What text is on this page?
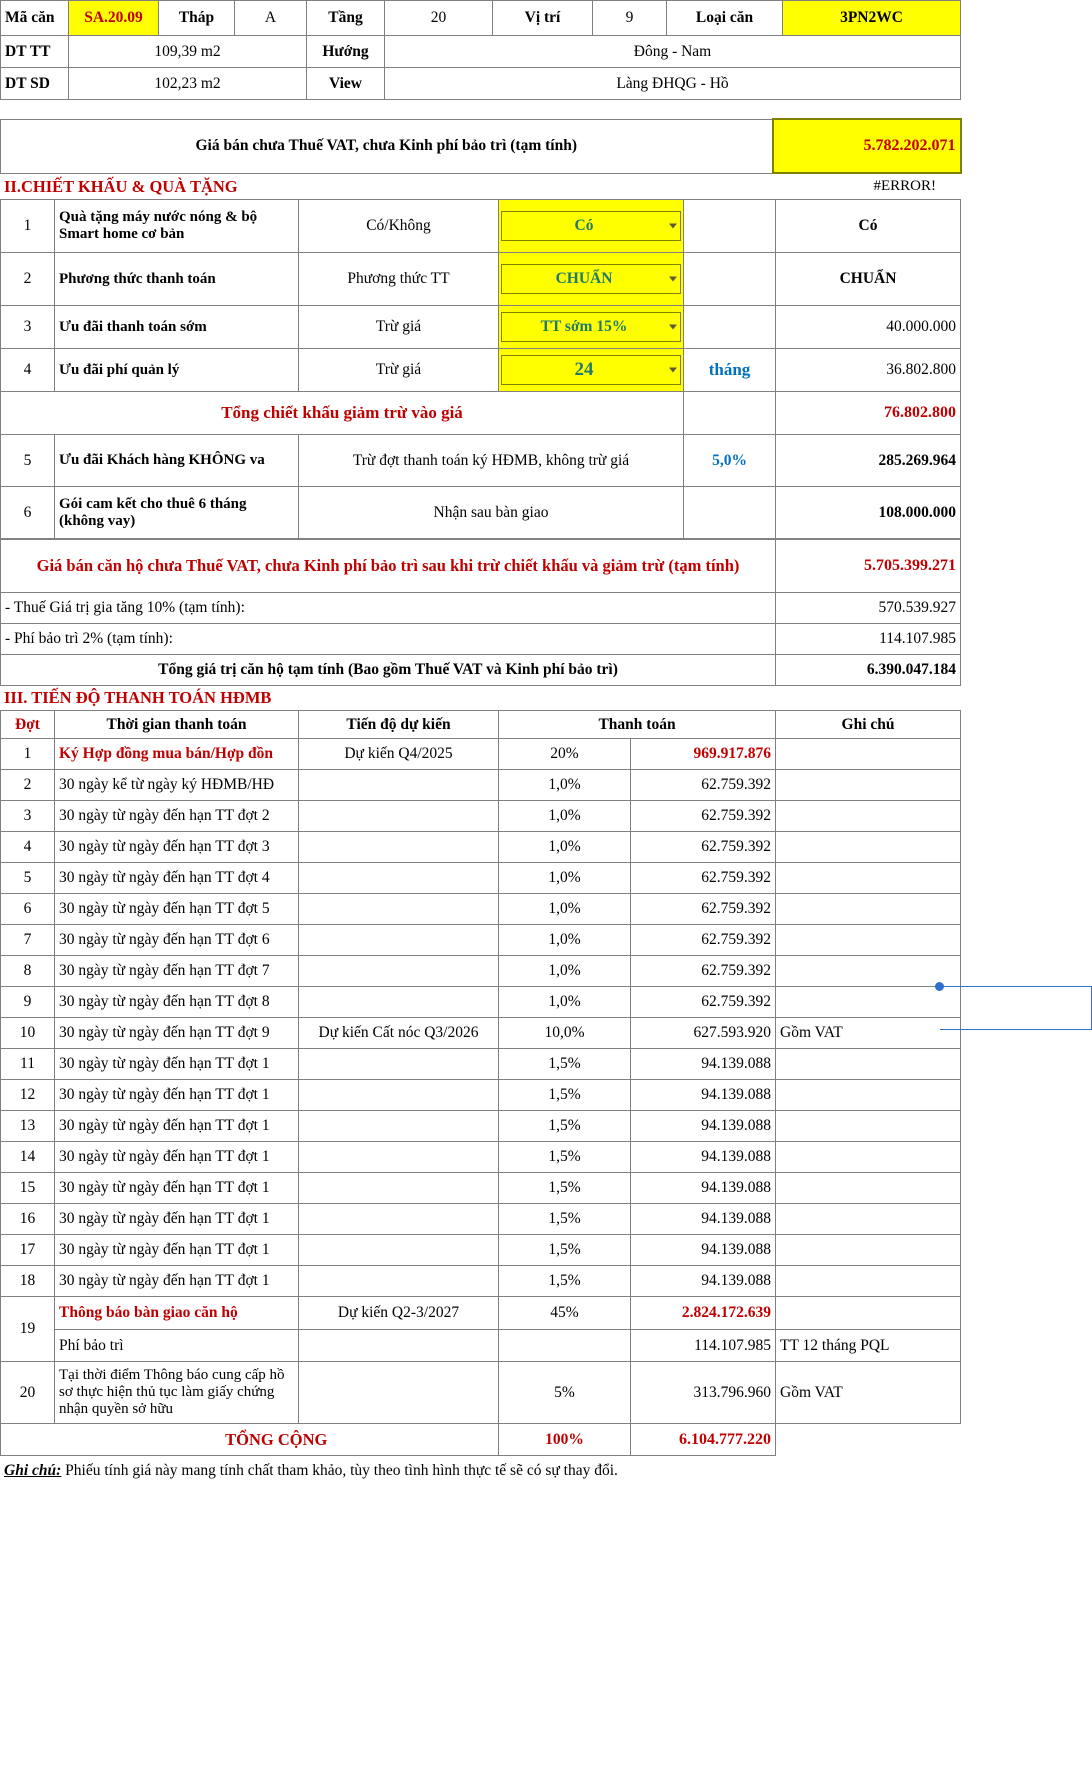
Mã căn	SA.20.09	Tháp	A	Tầng	20	Vị trí	9	Loại căn	3PN2WC
DT TT	109,39 m2			Hướng	Đông - Nam				
DT SD	102,23 m2			View	Làng ĐHQG - Hồ				
Giá bán chưa Thuế VAT, chưa Kinh phí bảo trì (tạm tính)	5.782.202.071
II.CHIẾT KHẤU & QUÀ TẶNG	#ERROR!
1	Quà tặng máy nước nóng & bộ Smart home cơ bản	Có/Không	Có		Có
2	Phương thức thanh toán	Phương thức TT	CHUẨN		CHUẨN
3	Ưu đãi thanh toán sớm	Trừ giá	TT sớm 15%		40.000.000
4	Ưu đãi phí quản lý	Trừ giá	24	tháng	36.802.800
Tổng chiết khấu giảm trừ vào giá					76.802.800
5	Ưu đãi Khách hàng KHÔNG va	Trừ đợt thanh toán ký HĐMB, không trừ giá		5,0%	285.269.964
6	Gói cam kết cho thuê 6 tháng (không vay)	Nhận sau bàn giao			108.000.000
Giá bán căn hộ chưa Thuế VAT, chưa Kinh phí bảo trì sau khi trừ chiết khấu và giảm trừ (tạm tính)	5.705.399.271
- Thuế Giá trị gia tăng 10% (tạm tính):	570.539.927
- Phí bảo trì 2% (tạm tính):	114.107.985
Tổng giá trị căn hộ tạm tính (Bao gồm Thuế VAT và Kinh phí bảo trì)	6.390.047.184
III. TIẾN ĐỘ THANH TOÁN HĐMB
Đợt	Thời gian thanh toán	Tiến độ dự kiến	Thanh toán		Ghi chú
1	Ký Hợp đồng mua bán/Hợp đồn	Dự kiến Q4/2025	20%	969.917.876	
2	30 ngày kể từ ngày ký HĐMB/HĐ		1,0%	62.759.392	
3	30 ngày từ ngày đến hạn TT đợt 2		1,0%	62.759.392	
4	30 ngày từ ngày đến hạn TT đợt 3		1,0%	62.759.392	
5	30 ngày từ ngày đến hạn TT đợt 4		1,0%	62.759.392	
6	30 ngày từ ngày đến hạn TT đợt 5		1,0%	62.759.392	
7	30 ngày từ ngày đến hạn TT đợt 6		1,0%	62.759.392	
8	30 ngày từ ngày đến hạn TT đợt 7		1,0%	62.759.392	
9	30 ngày từ ngày đến hạn TT đợt 8		1,0%	62.759.392	
10	30 ngày từ ngày đến hạn TT đợt 9	Dự kiến Cất nóc Q3/2026	10,0%	627.593.920	Gồm VAT
11	30 ngày từ ngày đến hạn TT đợt 1		1,5%	94.139.088	
12	30 ngày từ ngày đến hạn TT đợt 1		1,5%	94.139.088	
13	30 ngày từ ngày đến hạn TT đợt 1		1,5%	94.139.088	
14	30 ngày từ ngày đến hạn TT đợt 1		1,5%	94.139.088	
15	30 ngày từ ngày đến hạn TT đợt 1		1,5%	94.139.088	
16	30 ngày từ ngày đến hạn TT đợt 1		1,5%	94.139.088	
17	30 ngày từ ngày đến hạn TT đợt 1		1,5%	94.139.088	
18	30 ngày từ ngày đến hạn TT đợt 1		1,5%	94.139.088	
19	Thông báo bàn giao căn hộ	Dự kiến Q2-3/2027	45%	2.824.172.639	
	Phí bảo trì			114.107.985	TT 12 tháng PQL
20	Tại thời điểm Thông báo cung cấp hồ sơ thực hiện thủ tục làm giấy chứng nhận quyền sở hữu		5%	313.796.960	Gồm VAT
	TỔNG CỘNG		100%	6.104.777.220	
Ghi chú: Phiếu tính giá này mang tính chất tham khảo, tùy theo tình hình thực tế sẽ có sự thay đổi.
